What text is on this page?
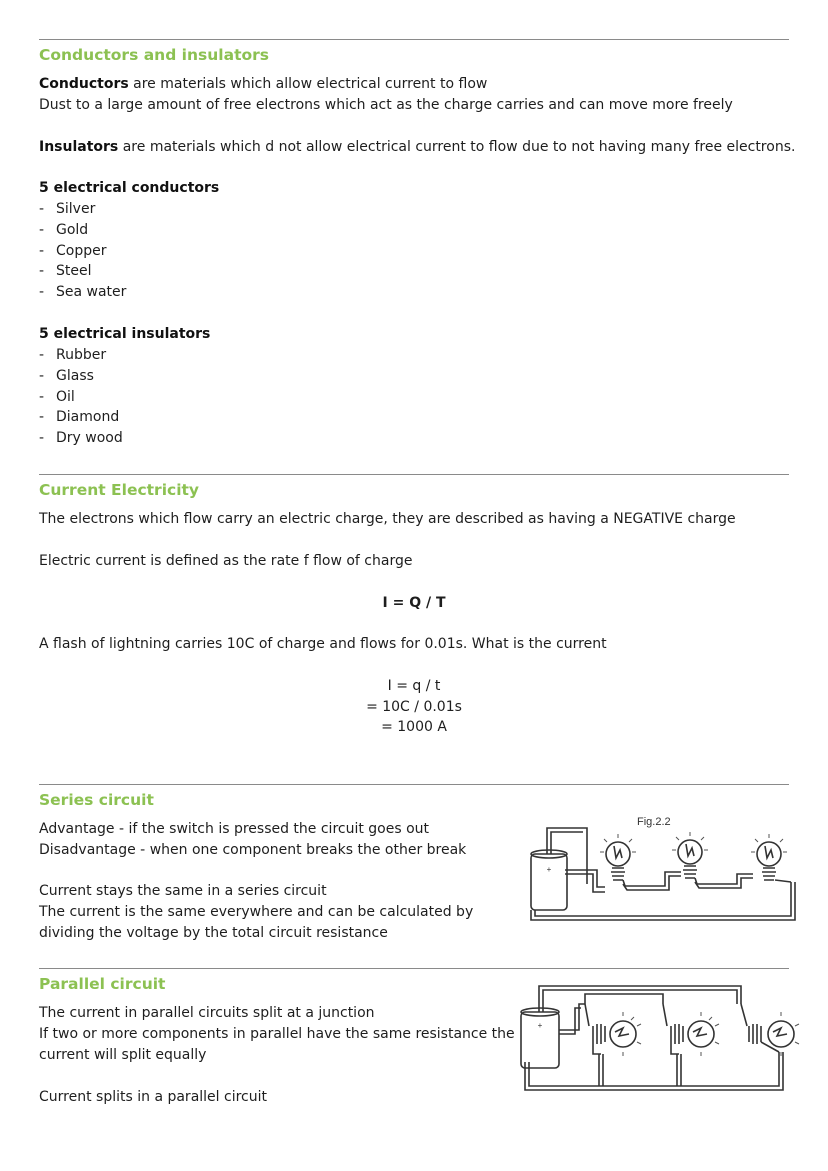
Conductors and insulators

Conductors are materials which allow electrical current to flow

Dust to a large amount of free electrons which act as the charge carries and can move more freely

Insulators are materials which d not allow electrical current to flow due to not having many free electrons.

5 electrical conductors

- Silver
- Gold
- Copper
- Steel
- Sea water

5 electrical insulators

- Rubber
- Glass
- Oil
- Diamond
- Dry wood
Current Electricity

The electrons which flow carry an electric charge, they are described as having a NEGATIVE charge

Electric current is defined as the rate f flow of charge

I = Q / T

A flash of lightning carries 10C of charge and flows for 0.01s. What is the current

I = q / t

= 10C / 0.01s

= 1000 A

Series circuit

Advantage - if the switch is pressed the circuit goes out

Disadvantage - when one component breaks the other break

Current stays the same in a series circuit

The current is the same everywhere and can be calculated by

dividing the voltage by the total circuit resistance

+
Fig.2.2
Parallel circuit

The current in parallel circuits split at a junction

If two or more components in parallel have the same resistance the

current will split equally

Current splits in a parallel circuit

+
